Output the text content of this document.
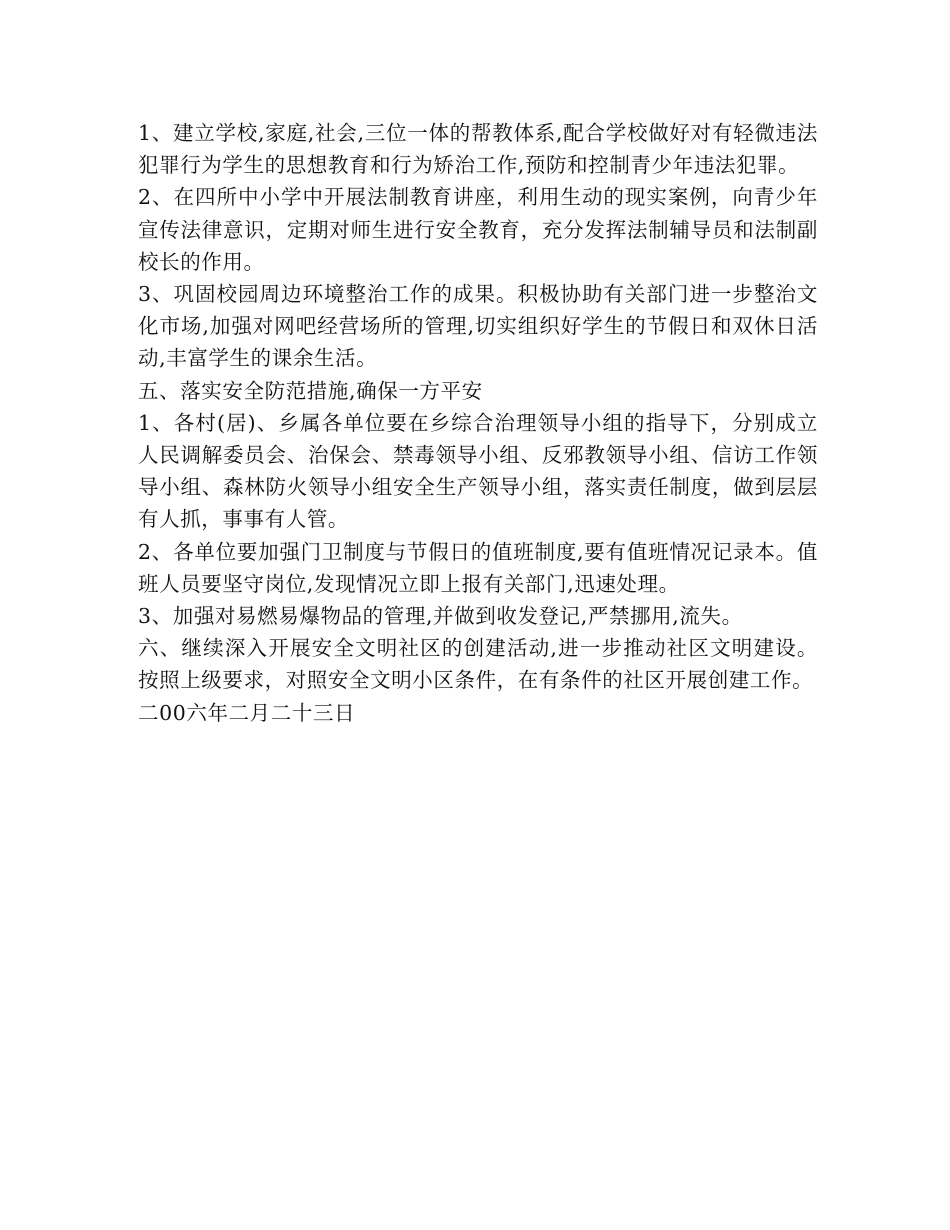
1、建立学校,家庭,社会,三位一体的帮教体系,配合学校做好对有轻微违法犯罪行为学生的思想教育和行为矫治工作,预防和控制青少年违法犯罪。

2、在四所中小学中开展法制教育讲座，利用生动的现实案例，向青少年宣传法律意识，定期对师生进行安全教育，充分发挥法制辅导员和法制副校长的作用。

3、巩固校园周边环境整治工作的成果。积极协助有关部门进一步整治文化市场,加强对网吧经营场所的管理,切实组织好学生的节假日和双休日活动,丰富学生的课余生活。

五、落实安全防范措施,确保一方平安

1、各村(居)、乡属各单位要在乡综合治理领导小组的指导下，分别成立人民调解委员会、治保会、禁毒领导小组、反邪教领导小组、信访工作领导小组、森林防火领导小组安全生产领导小组，落实责任制度，做到层层有人抓，事事有人管。

2、各单位要加强门卫制度与节假日的值班制度,要有值班情况记录本。值班人员要坚守岗位,发现情况立即上报有关部门,迅速处理。

3、加强对易燃易爆物品的管理,并做到收发登记,严禁挪用,流失。

六、继续深入开展安全文明社区的创建活动,进一步推动社区文明建设。按照上级要求，对照安全文明小区条件，在有条件的社区开展创建工作。

二00六年二月二十三日
